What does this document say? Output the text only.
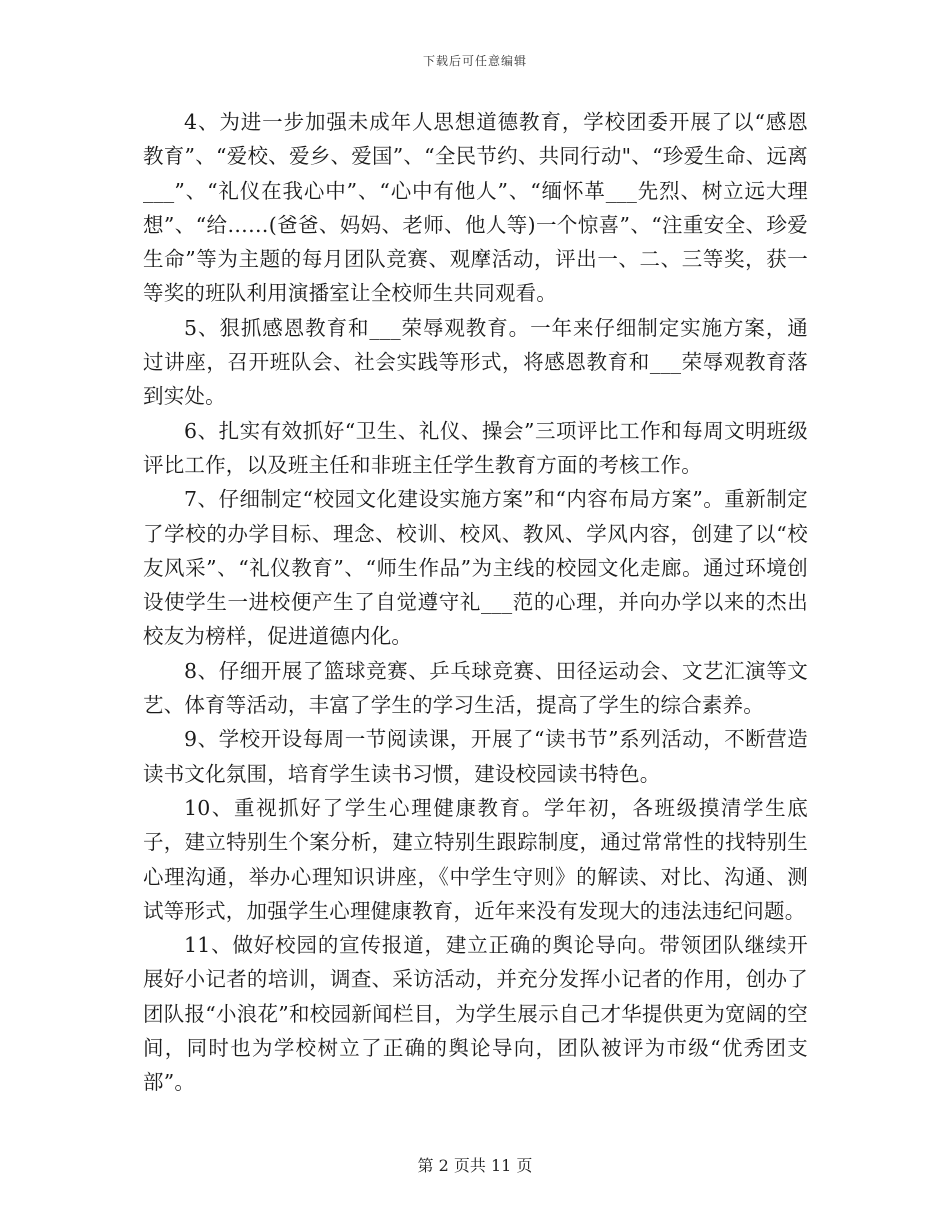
下载后可任意编辑

4、为进一步加强未成年人思想道德教育，学校团委开展了以“感恩教育”、“爱校、爱乡、爱国”、“全民节约、共同行动"、“珍爱生命、远离___”、“礼仪在我心中”、“心中有他人”、“缅怀革___先烈、树立远大理想”、“给……(爸爸、妈妈、老师、他人等)一个惊喜”、“注重安全、珍爱生命”等为主题的每月团队竞赛、观摩活动，评出一、二、三等奖，获一等奖的班队利用演播室让全校师生共同观看。

5、狠抓感恩教育和___荣辱观教育。一年来仔细制定实施方案，通过讲座，召开班队会、社会实践等形式，将感恩教育和___荣辱观教育落到实处。

6、扎实有效抓好“卫生、礼仪、操会”三项评比工作和每周文明班级评比工作，以及班主任和非班主任学生教育方面的考核工作。

7、仔细制定“校园文化建设实施方案”和“内容布局方案”。重新制定了学校的办学目标、理念、校训、校风、教风、学风内容，创建了以“校友风采”、“礼仪教育”、“师生作品”为主线的校园文化走廊。通过环境创设使学生一进校便产生了自觉遵守礼___范的心理，并向办学以来的杰出校友为榜样，促进道德内化。

8、仔细开展了篮球竞赛、乒乓球竞赛、田径运动会、文艺汇演等文艺、体育等活动，丰富了学生的学习生活，提高了学生的综合素养。

9、学校开设每周一节阅读课，开展了“读书节”系列活动，不断营造读书文化氛围，培育学生读书习惯，建设校园读书特色。

10、重视抓好了学生心理健康教育。学年初，各班级摸清学生底子，建立特别生个案分析，建立特别生跟踪制度，通过常常性的找特别生心理沟通，举办心理知识讲座，《中学生守则》的解读、对比、沟通、测试等形式，加强学生心理健康教育，近年来没有发现大的违法违纪问题。

11、做好校园的宣传报道，建立正确的舆论导向。带领团队继续开展好小记者的培训，调查、采访活动，并充分发挥小记者的作用，创办了团队报“小浪花”和校园新闻栏目，为学生展示自己才华提供更为宽阔的空间，同时也为学校树立了正确的舆论导向，团队被评为市级“优秀团支部”。

第 2 页共 11 页
